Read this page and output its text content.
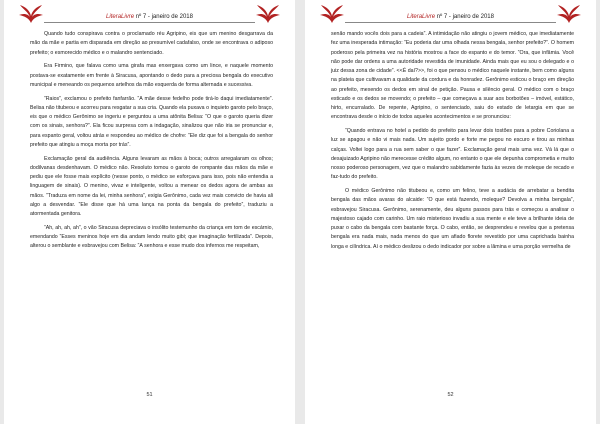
LiteraLivre nº 7 - janeiro de 2018

Quando tudo conspirava contra o proclamado réu Agripino, eis que um menino desgarrava da mão da mãe e partia em disparada em direção ao presumível cadafalso, onde se encontrava o adiposo prefeito; o esmorecido médico e o malandro sentenciado.

Era Firmino, que falava como uma girafa mas enxergava como um lince, e naquele momento postava-se exatamente em frente à Siracusa, apontando o dedo para a preciosa bengala do executivo municipal e meneando os pequenos artelhos da mão esquerda de forma alternada e sucessiva.

“Raios”, exclamou o prefeito fanfarrão. “A mãe desse fedelho pode tirá-lo daqui imediatamente”. Belisa não titubeou e acorreu para resgatar a sua cria. Quando ela puxava o inquieto garoto pelo braço, eis que o médico Gerônimo se ingeriu e perguntou a uma atônita Belisa: “O que o garoto queria dizer com os sinais, senhora?”. Ela ficou surpresa com a indagação, sinalizou que não iria se pronunciar e, para espanto geral, voltou atrás e respondeu ao médico de chofre: “Ele diz que foi a bengala do senhor prefeito que atingiu a moça morta por trás”.

Exclamação geral da audiência. Alguns levaram as mãos à boca; outros arregalaram os olhos; dodilvanas desdenhavam. O médico não. Resoluto tomou o garoto de rompante das mãos da mãe e pediu que ele fosse mais explícito (nesse ponto, o médico se esforçava para isso, pois não entendia a linguagem de sinais). O menino, vivaz e inteligente, voltou a menear os dedos agora de ambas as mãos. “Traduza em nome da lei, minha senhora”, exigia Gerônimo, cada vez mais convicto de havia ali algo a desvendar. “Ele disse que há uma lança na ponta da bengala do prefeito”, traduziu a atormentada genitora.

“Ah, ah, ah, ah”, o vão Siracusa depreciava o insólito testemunho da criança em tom de escárnio, emendando “Esses meninos hoje em dia andam lendo muito gibi; que imaginação fertilizada”. Depois, alterou o semblante e esbravejou com Belisa: “A senhora e esse mudo dos infernos me respeitam,

51
LiteraLivre nº 7 - janeiro de 2018

senão mando vocês dois para a cadeia”. A intimidação não atingiu o jovem médico, que imediatamente fez uma inesperada intimação: “Eu poderia dar uma olhada nessa bengala, senhor prefeito?”. O homem poderoso pela primeira vez na história mostrou a face do espanto e do temor. “Ora, que infâmia. Você não pode dar ordens a uma autoridade revestida de imunidade. Ainda mais que eu sou o delegado e o juiz dessa zona de cidade”. <<É daí?>>, foi o que pensou o médico naquele instante, bem como alguns na plateia que cultivavam a qualidade da cordura e da honradez. Gerônimo esticou o braço em direção ao prefeito, mexendo os dedos em sinal de petição. Pausa e silêncio geral. O médico com o braço esticado e os dedos se movendo; o prefeito – que começava a suar aos borbotões – imóvel, estático, hirto, encurralado. De repente, Agripino, o sentenciado, saiu do estado de letargia em que se encontrava desde o início de todos aqueles acontecimentos e se pronunciou:

“Quando entrava no hotel a pedido do prefeito para levar dois tostões para a pobre Coriolana a luz se apagou e não vi mais nada. Um sujeito gordo e forte me pegou no escuro e tirou as minhas calças. Voltei logo para a rua sem saber o que fazer”. Exclamação geral mais uma vez. Vá lá que o desajuizado Agripino não merecesse crédito algum, no entanto o que ele depunha comprometia e muito nosso poderoso personagem, vez que o malandro sabidamente fazia às vezes de moleque de recado e faz-tudo do prefeito.

O médico Gerônimo não titubeou e, como um felino, teve a audácia de arrebatar a bendita bengala das mãos avaras do alcaide: “O que está fazendo, moleque? Devolva a minha bengala”, esbravejou Siracusa. Gerônimo, serenamente, deu alguns passos para trás e começou a analisar o majestoso cajado com carinho. Um raio misterioso invadiu a sua mente e ele teve a brilhante ideia de puxar o cabo da bengala com bastante força. O cabo, então, se desprendeu e revelou que a pretensa bengala era nada mais, nada menos do que um afiado florete revestido por uma caprichada bainha longa e cilíndrica. Aí o médico deslizou o dedo indicador por sobre a lâmina e uma porção vermelha de

52
